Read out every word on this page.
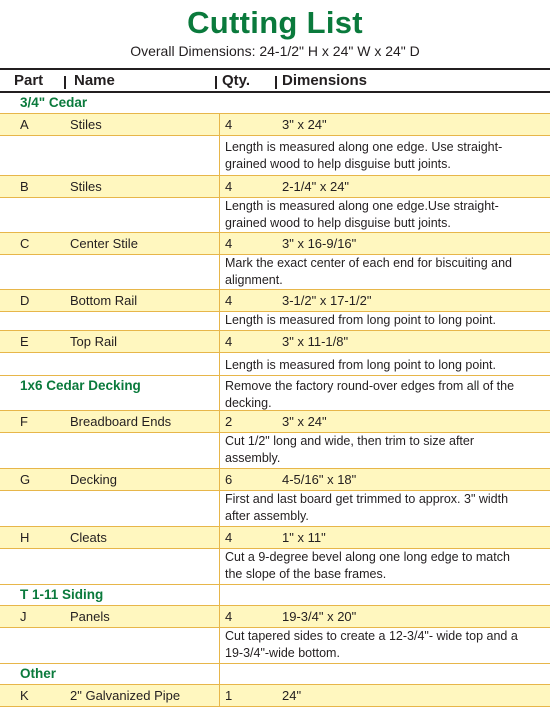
Cutting List
Overall Dimensions: 24-1/2" H x 24" W x 24" D
Part Name	Qty. Dimensions
3/4" Cedar
A	Stiles	4	3" x 24"
Length is measured along one edge. Use straight-grained wood to help disguise butt joints.
B	Stiles	4	2-1/4" x 24"
Length is measured along one edge.Use straight-grained wood to help disguise butt joints.
C	Center Stile	4	3" x 16-9/16"
Mark the exact center of each end for biscuiting and alignment.
D	Bottom Rail	4	3-1/2" x 17-1/2"
Length is measured from long point to long point.
E	Top Rail	4	3" x 11-1/8"
Length is measured from long point to long point.
1x6 Cedar Decking	Remove the factory round-over edges from all of the decking.
F	Breadboard Ends	2	3" x 24"
Cut 1/2" long and wide, then trim to size after assembly.
G	Decking	6	4-5/16" x 18"
First and last board get trimmed to approx. 3" width after assembly.
H	Cleats	4	1" x 11"
Cut a 9-degree bevel along one long edge to match the slope of the base frames.
T 1-11 Siding
J	Panels	4	19-3/4" x 20"
Cut tapered sides to create a 12-3/4"- wide top and a 19-3/4"-wide bottom.
Other
K	2" Galvanized Pipe	1	24"
